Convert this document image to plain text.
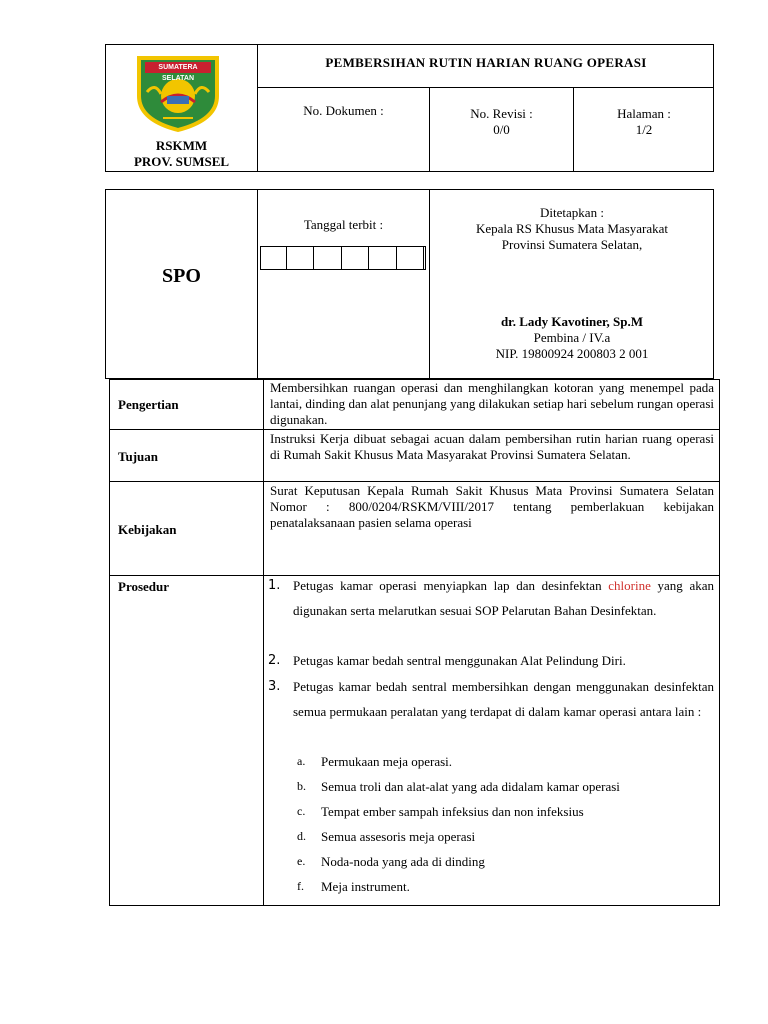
SUMATERA SELATAN
RSKMM
PROV. SUMSEL
PEMBERSIHAN RUTIN HARIAN RUANG OPERASI
No. Dokumen :	No. Revisi :
0/0
Halaman :
1/2
SPO
Tanggal terbit :
Ditetapkan :
Kepala RS Khusus Mata Masyarakat
Provinsi Sumatera Selatan,
dr. Lady Kavotiner, Sp.M
Pembina / IV.a
NIP. 19800924 200803 2 001
Pengertian
Membersihkan ruangan operasi dan menghilangkan kotoran yang menempel pada lantai, dinding dan alat penunjang yang dilakukan setiap hari sebelum rungan operasi digunakan.
Tujuan
Instruksi Kerja dibuat sebagai acuan dalam pembersihan rutin harian ruang operasi di Rumah Sakit Khusus Mata Masyarakat Provinsi Sumatera Selatan.
Kebijakan
Surat Keputusan Kepala Rumah Sakit Khusus Mata Provinsi Sumatera Selatan Nomor : 800/0204/RSKM/VIII/2017 tentang pemberlakuan kebijakan penatalaksanaan pasien selama operasi
Prosedur	1. Petugas kamar operasi menyiapkan lap dan desinfektan chlorine yang akan digunakan serta melarutkan sesuai SOP Pelarutan Bahan Desinfektan.
2. Petugas kamar bedah sentral menggunakan Alat Pelindung Diri.
3. Petugas kamar bedah sentral membersihkan dengan menggunakan desinfektan semua permukaan peralatan yang terdapat di dalam kamar operasi antara lain :
a. Permukaan meja operasi.
b. Semua troli dan alat-alat yang ada didalam kamar operasi
c. Tempat ember sampah infeksius dan non infeksius
d. Semua assesoris meja operasi
e. Noda-noda yang ada di dinding
f. Meja instrument.
